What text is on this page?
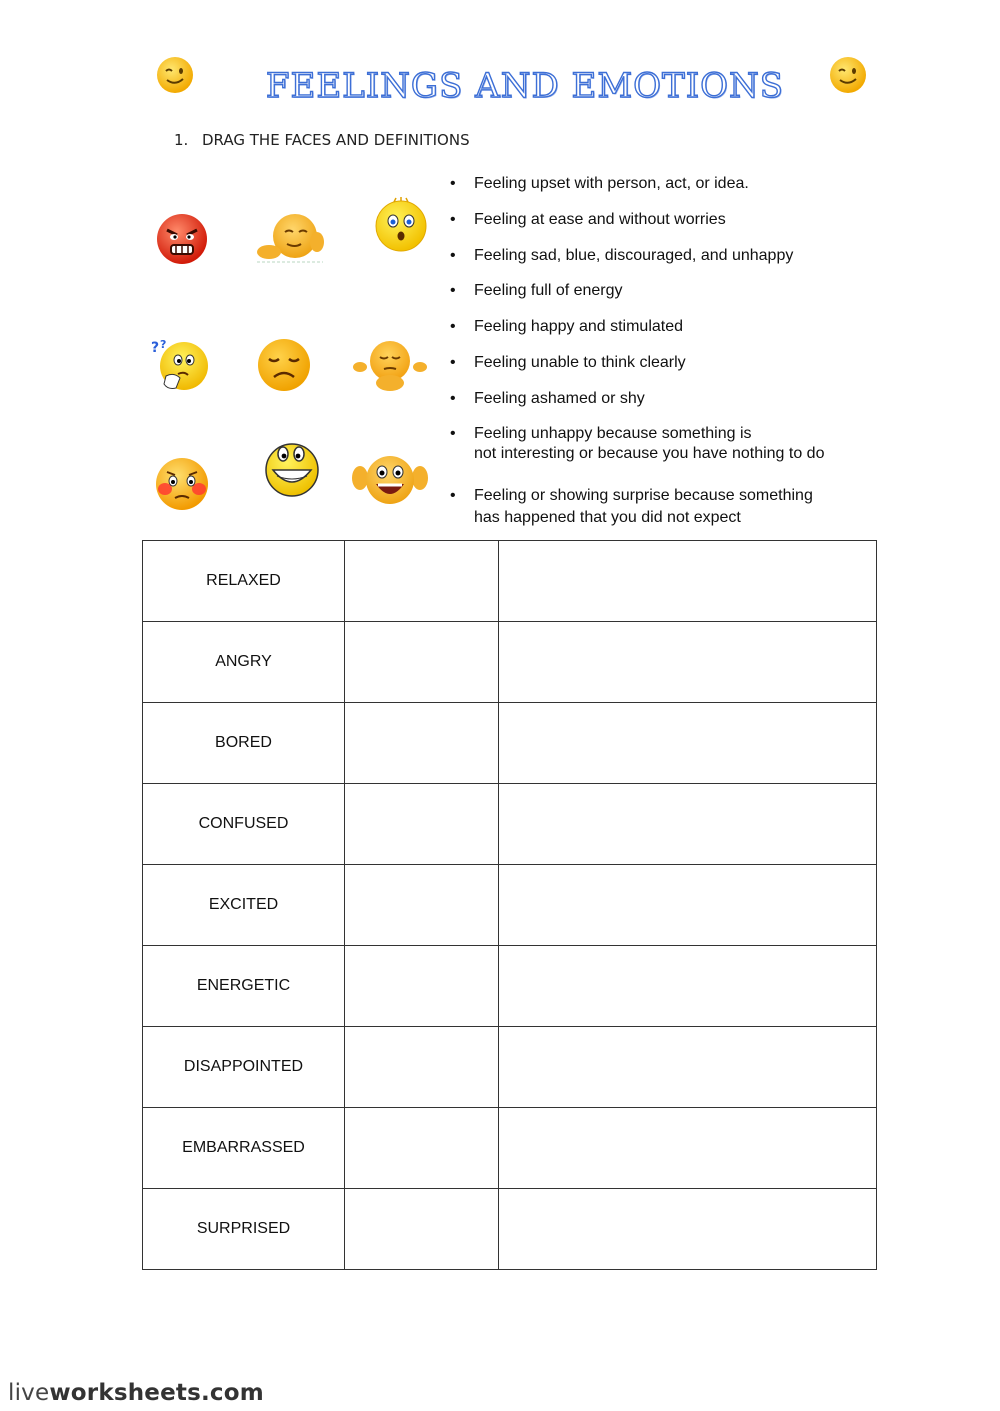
FEELINGS AND EMOTIONS
1. DRAG THE FACES AND DEFINITIONS
? ?
• Feeling upset with person, act, or idea.
• Feeling at ease and without worries
• Feeling sad, blue, discouraged, and unhappy
• Feeling full of energy
• Feeling happy and stimulated
• Feeling unable to think clearly
• Feeling ashamed or shy
• Feeling unhappy because something is
not interesting or because you have nothing to do
• Feeling or showing surprise because something
has happened that you did not expect
RELAXED		
ANGRY		
BORED		
CONFUSED		
EXCITED		
ENERGETIC		
DISAPPOINTED		
EMBARRASSED		
SURPRISED		
liveworksheets.com
